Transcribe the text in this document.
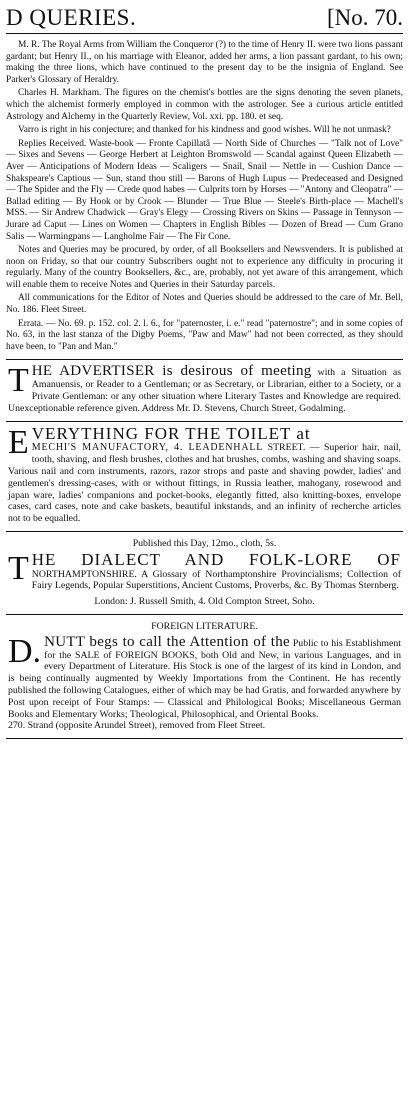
D QUERIES.	[No. 70.

M. R. The Royal Arms from William the Conqueror (?) to the time of Henry II. were two lions passant gardant; but Henry II., on his marriage with Eleanor, added her arms, a lion passant gardant, to his own; making the three lions, which have continued to the present day to be the insignia of England. See Parker's Glossary of Heraldry.

Charles H. Markham. The figures on the chemist's bottles are the signs denoting the seven planets, which the alchemist formerly employed in common with the astrologer. See a curious article entitled Astrology and Alchemy in the Quarterly Review, Vol. xxi. pp. 180. et seq.

Varro is right in his conjecture; and thanked for his kindness and good wishes. Will he not unmask?

Replies Received. Waste-book — Fronte Capillatâ — North Side of Churches — "Talk not of Love" — Sixes and Sevens — George Herbert at Leighton Bromswold — Scandal against Queen Elizabeth — Aver — Anticipations of Modern Ideas — Scaligers — Snail, Snail — Nettle in — Cushion Dance — Shakspeare's Captious — Sun, stand thou still — Barons of Hugh Lupus — Predeceased and Designed — The Spider and the Fly — Crede quod habes — Culprits torn by Horses — "Antony and Cleopatra" — Ballad editing — By Hook or by Crook — Blunder — True Blue — Steele's Birth-place — Machell's MSS. — Sir Andrew Chadwick — Gray's Elegy — Crossing Rivers on Skins — Passage in Tennyson — Jurare ad Caput — Lines on Women — Chapters in English Bibles — Dozen of Bread — Cum Grano Salis — Warmingpans — Langholme Fair — The Fir Cone.

Notes and Queries may be procured, by order, of all Booksellers and Newsvenders. It is published at noon on Friday, so that our country Subscribers ought not to experience any difficulty in procuring it regularly. Many of the country Booksellers, &c., are, probably, not yet aware of this arrangement, which will enable them to receive Notes and Queries in their Saturday parcels.

All communications for the Editor of Notes and Queries should be addressed to the care of Mr. Bell, No. 186. Fleet Street.

Errata. — No. 69. p. 152. col. 2. l. 6., for "paternoster, i. e." read "paternostre"; and in some copies of No. 63, in the last stanza of the Digby Poems, "Paw and Maw" had not been corrected, as they should have been, to "Pan and Man."

T HE ADVERTISER is desirous of meeting with a Situation as Amanuensis, or Reader to a Gentleman; or as Secretary, or Librarian, either to a Society, or a Private Gentleman: or any other situation where Literary Tastes and Knowledge are required. Unexceptionable reference given. Address Mr. D. Stevens, Church Street, Godalming.
E VERYTHING FOR THE TOILET at
MECHI'S MANUFACTORY, 4. LEADENHALL STREET. — Superior hair, nail, tooth, shaving, and flesh brushes, clothes and hat brushes, combs, washing and shaving soaps. Various nail and corn instruments, razors, razor strops and paste and shaving powder, ladies' and gentlemen's dressing-cases, with or without fittings, in Russia leather, mahogany, rosewood and japan ware, ladies' companions and pocket-books, elegantly fitted, also knitting-boxes, envelope cases, card cases, note and cake baskets, beautiful inkstands, and an infinity of recherche articles not to be equalled.
Published this Day, 12mo., cloth, 5s.
T HE DIALECT AND FOLK-LORE OF NORTHAMPTONSHIRE. A Glossary of Northamptonshire Provincialisms; Collection of Fairy Legends, Popular Superstitions, Ancient Customs, Proverbs, &c. By Thomas Sternberg.
London: J. Russell Smith, 4. Old Compton Street, Soho.
FOREIGN LITERATURE.
D. NUTT begs to call the Attention of the Public to his Establishment for the SALE of FOREIGN BOOKS, both Old and New, in various Languages, and in every Department of Literature. His Stock is one of the largest of its kind in London, and is being continually augmented by Weekly Importations from the Continent. He has recently published the following Catalogues, either of which may be had Gratis, and forwarded anywhere by Post upon receipt of Four Stamps: — Classical and Philological Books; Miscellaneous German Books and Elementary Works; Theological, Philosophical, and Oriental Books.
270. Strand (opposite Arundel Street), removed from Fleet Street.
